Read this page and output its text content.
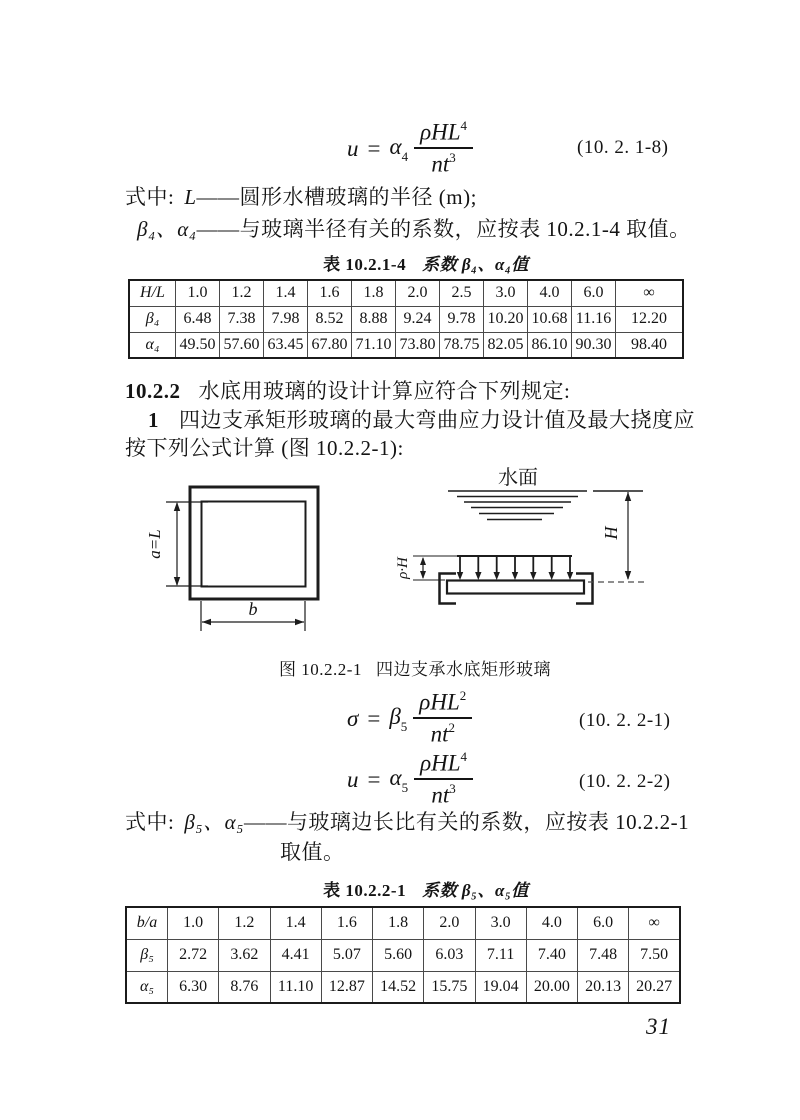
$u = \alpha_4 \frac{\rho HL^4}{nt^3}$	(10. 2. 1-8)
式中: L——圆形水槽玻璃的半径 (m);
β₄、α₄——与玻璃半径有关的系数，应按表 10.2.1-4 取值。
表 10.2.1-4 系数 β₄、α₄值
H/L	1.0	1.2	1.4	1.6	1.8	2.0	2.5	3.0	4.0	6.0	∞
β₄	6.48	7.38	7.98	8.52	8.88	9.24	9.78	10.20	10.68	11.16	12.20
α₄	49.50	57.60	63.45	67.80	71.10	73.80	78.75	82.05	86.10	90.30	98.40
10.2.2 水底用玻璃的设计计算应符合下列规定:
1 四边支承矩形玻璃的最大弯曲应力设计值及最大挠度应
按下列公式计算 (图 10.2.2-1):
a=L
b
水面
H
ρ·H
图 10.2.2-1 四边支承水底矩形玻璃
$\sigma = \beta_5 \frac{\rho HL^2}{nt^2}$	(10. 2. 2-1)
$u = \alpha_5 \frac{\rho HL^4}{nt^3}$	(10. 2. 2-2)
式中: β₅、α₅——与玻璃边长比有关的系数，应按表 10.2.2-1
取值。
表 10.2.2-1 系数 β₅、α₅值
b/a	1.0	1.2	1.4	1.6	1.8	2.0	3.0	4.0	6.0	∞
β₅	2.72	3.62	4.41	5.07	5.60	6.03	7.11	7.40	7.48	7.50
α₅	6.30	8.76	11.10	12.87	14.52	15.75	19.04	20.00	20.13	20.27
31
